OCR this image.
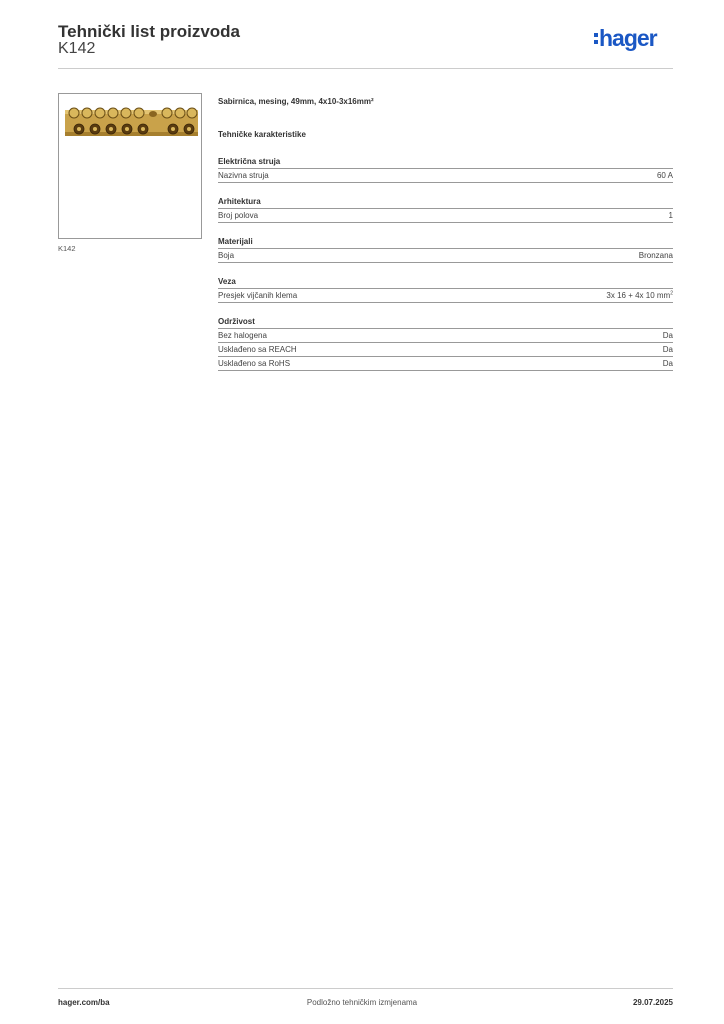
Tehnički list proizvoda
K142	hager
K142
Sabirnica, mesing, 49mm, 4x10-3x16mm²
Tehničke karakteristike
Električna struja
Nazivna struja	60 A
Arhitektura
Broj polova	1
Materijali
Boja	Bronzana
Veza
Presjek vijčanih klema	3x 16 + 4x 10 $mm^2$
Održivost
Bez halogena	Da
Usklađeno sa REACH	Da
Usklađeno sa RoHS	Da
hager.com/ba	Podložno tehničkim izmjenama	29.07.2025
